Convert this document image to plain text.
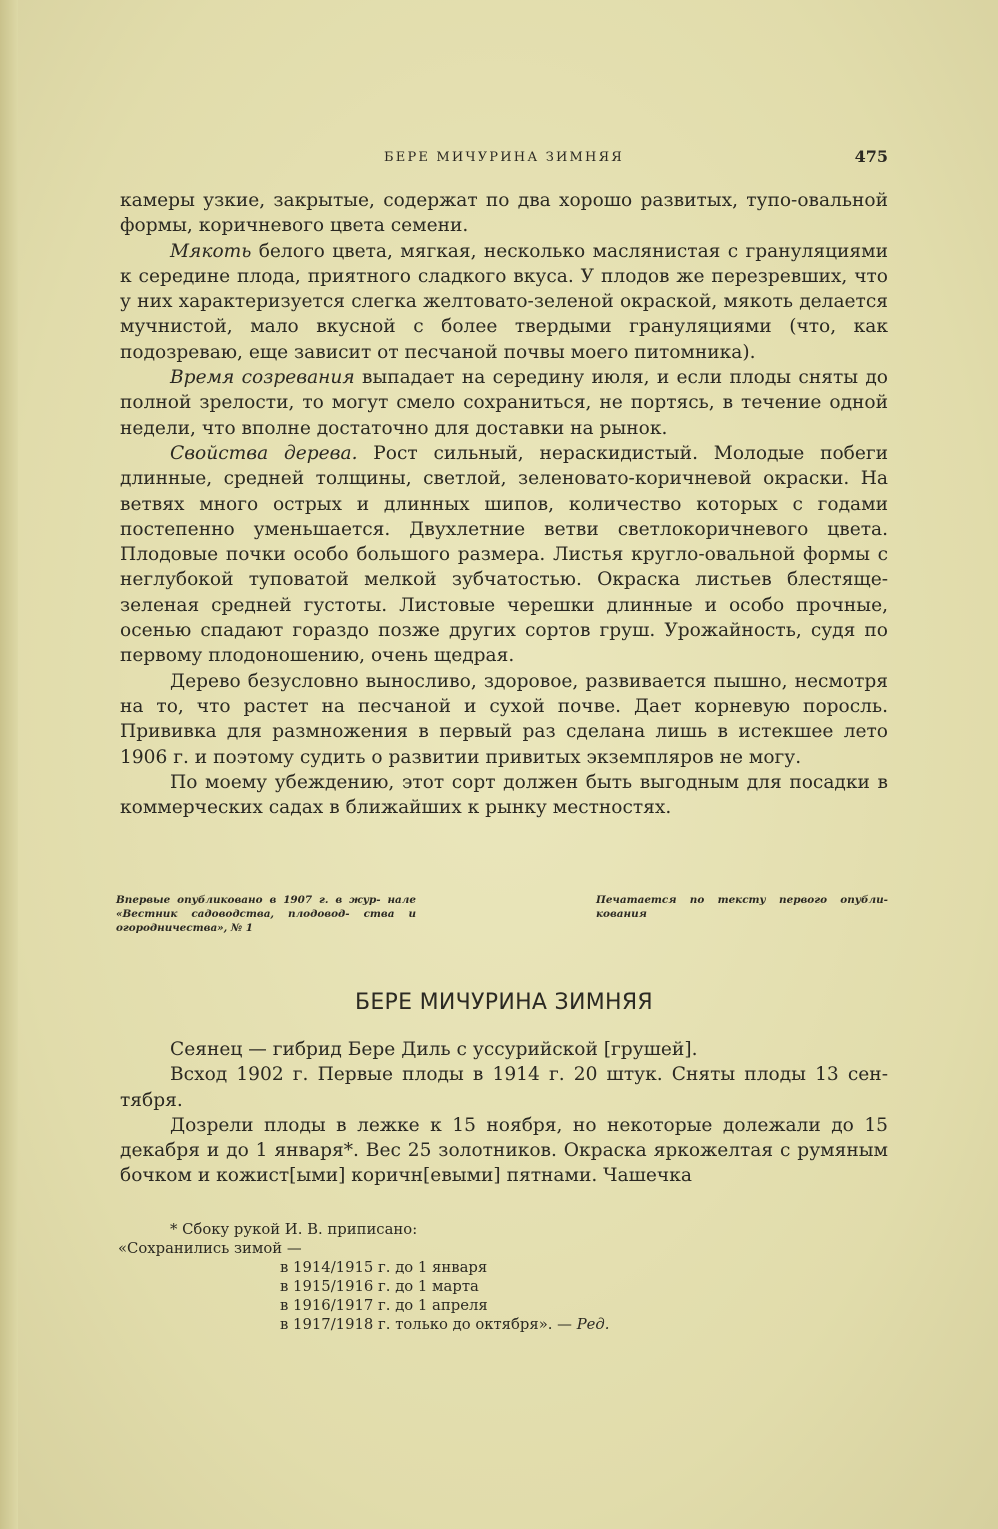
БЕРЕ МИЧУРИНА ЗИМНЯЯ	475

камеры узкие, закрытые, содержат по два хорошо развитых, тупо-овальной формы, коричневого цвета семени.

Мякоть белого цвета, мягкая, несколько маслянистая с грануляциями к середине плода, приятного сладкого вкуса. У плодов же перезревших, что у них характеризуется слегка желтовато-зеленой окраской, мякоть делается мучнистой, мало вкусной с более твердыми грануляциями (что, как подозреваю, еще зависит от песчаной почвы моего питомника).

Время созревания выпадает на середину июля, и если плоды сняты до полной зрелости, то могут смело сохраниться, не портясь, в течение одной недели, что вполне достаточно для доставки на рынок.

Свойства дерева. Рост сильный, нераскидистый. Молодые побеги длинные, средней толщины, светлой, зеленовато-коричневой окраски. На ветвях много острых и длинных шипов, количество которых с годами постепенно уменьшается. Двухлетние ветви светлокоричневого цвета. Плодовые почки особо большого размера. Листья кругло-овальной формы с неглубокой туповатой мелкой зубчатостью. Окраска листьев блестяще-зеленая средней густоты. Листовые черешки длинные и особо прочные, осенью спадают гораздо позже других сортов груш. Урожайность, судя по первому плодоношению, очень щедрая.

Дерево безусловно выносливо, здоровое, развивается пышно, несмотря на то, что растет на песчаной и сухой почве. Дает корневую поросль. Прививка для размножения в первый раз сделана лишь в истекшее лето 1906 г. и поэтому судить о развитии привитых экземпляров не могу.

По моему убеждению, этот сорт должен быть выгодным для посадки в коммерческих садах в ближайших к рынку местностях.

Впервые опубликовано в 1907 г. в жур- нале «Вестник садоводства, плодовод- ства и огородничества», № 1
Печатается по тексту первого опубликования
БЕРЕ МИЧУРИНА ЗИМНЯЯ

Сеянец — гибрид Бере Диль с уссурийской [грушей].

Всход 1902 г. Первые плоды в 1914 г. 20 штук. Сняты плоды 13 сентября.

Дозрели плоды в лежке к 15 ноября, но некоторые долежали до 15 декабря и до 1 января*. Вес 25 золотников. Окраска яркожелтая с румяным бочком и кожист[ыми] коричн[евыми] пятнами. Чашечка

* Сбоку рукой И. В. приписано:
«Сохранились зимой —
в 1914/1915 г. до 1 января
в 1915/1916 г. до 1 марта
в 1916/1917 г. до 1 апреля
в 1917/1918 г. только до октября». — Ред.
